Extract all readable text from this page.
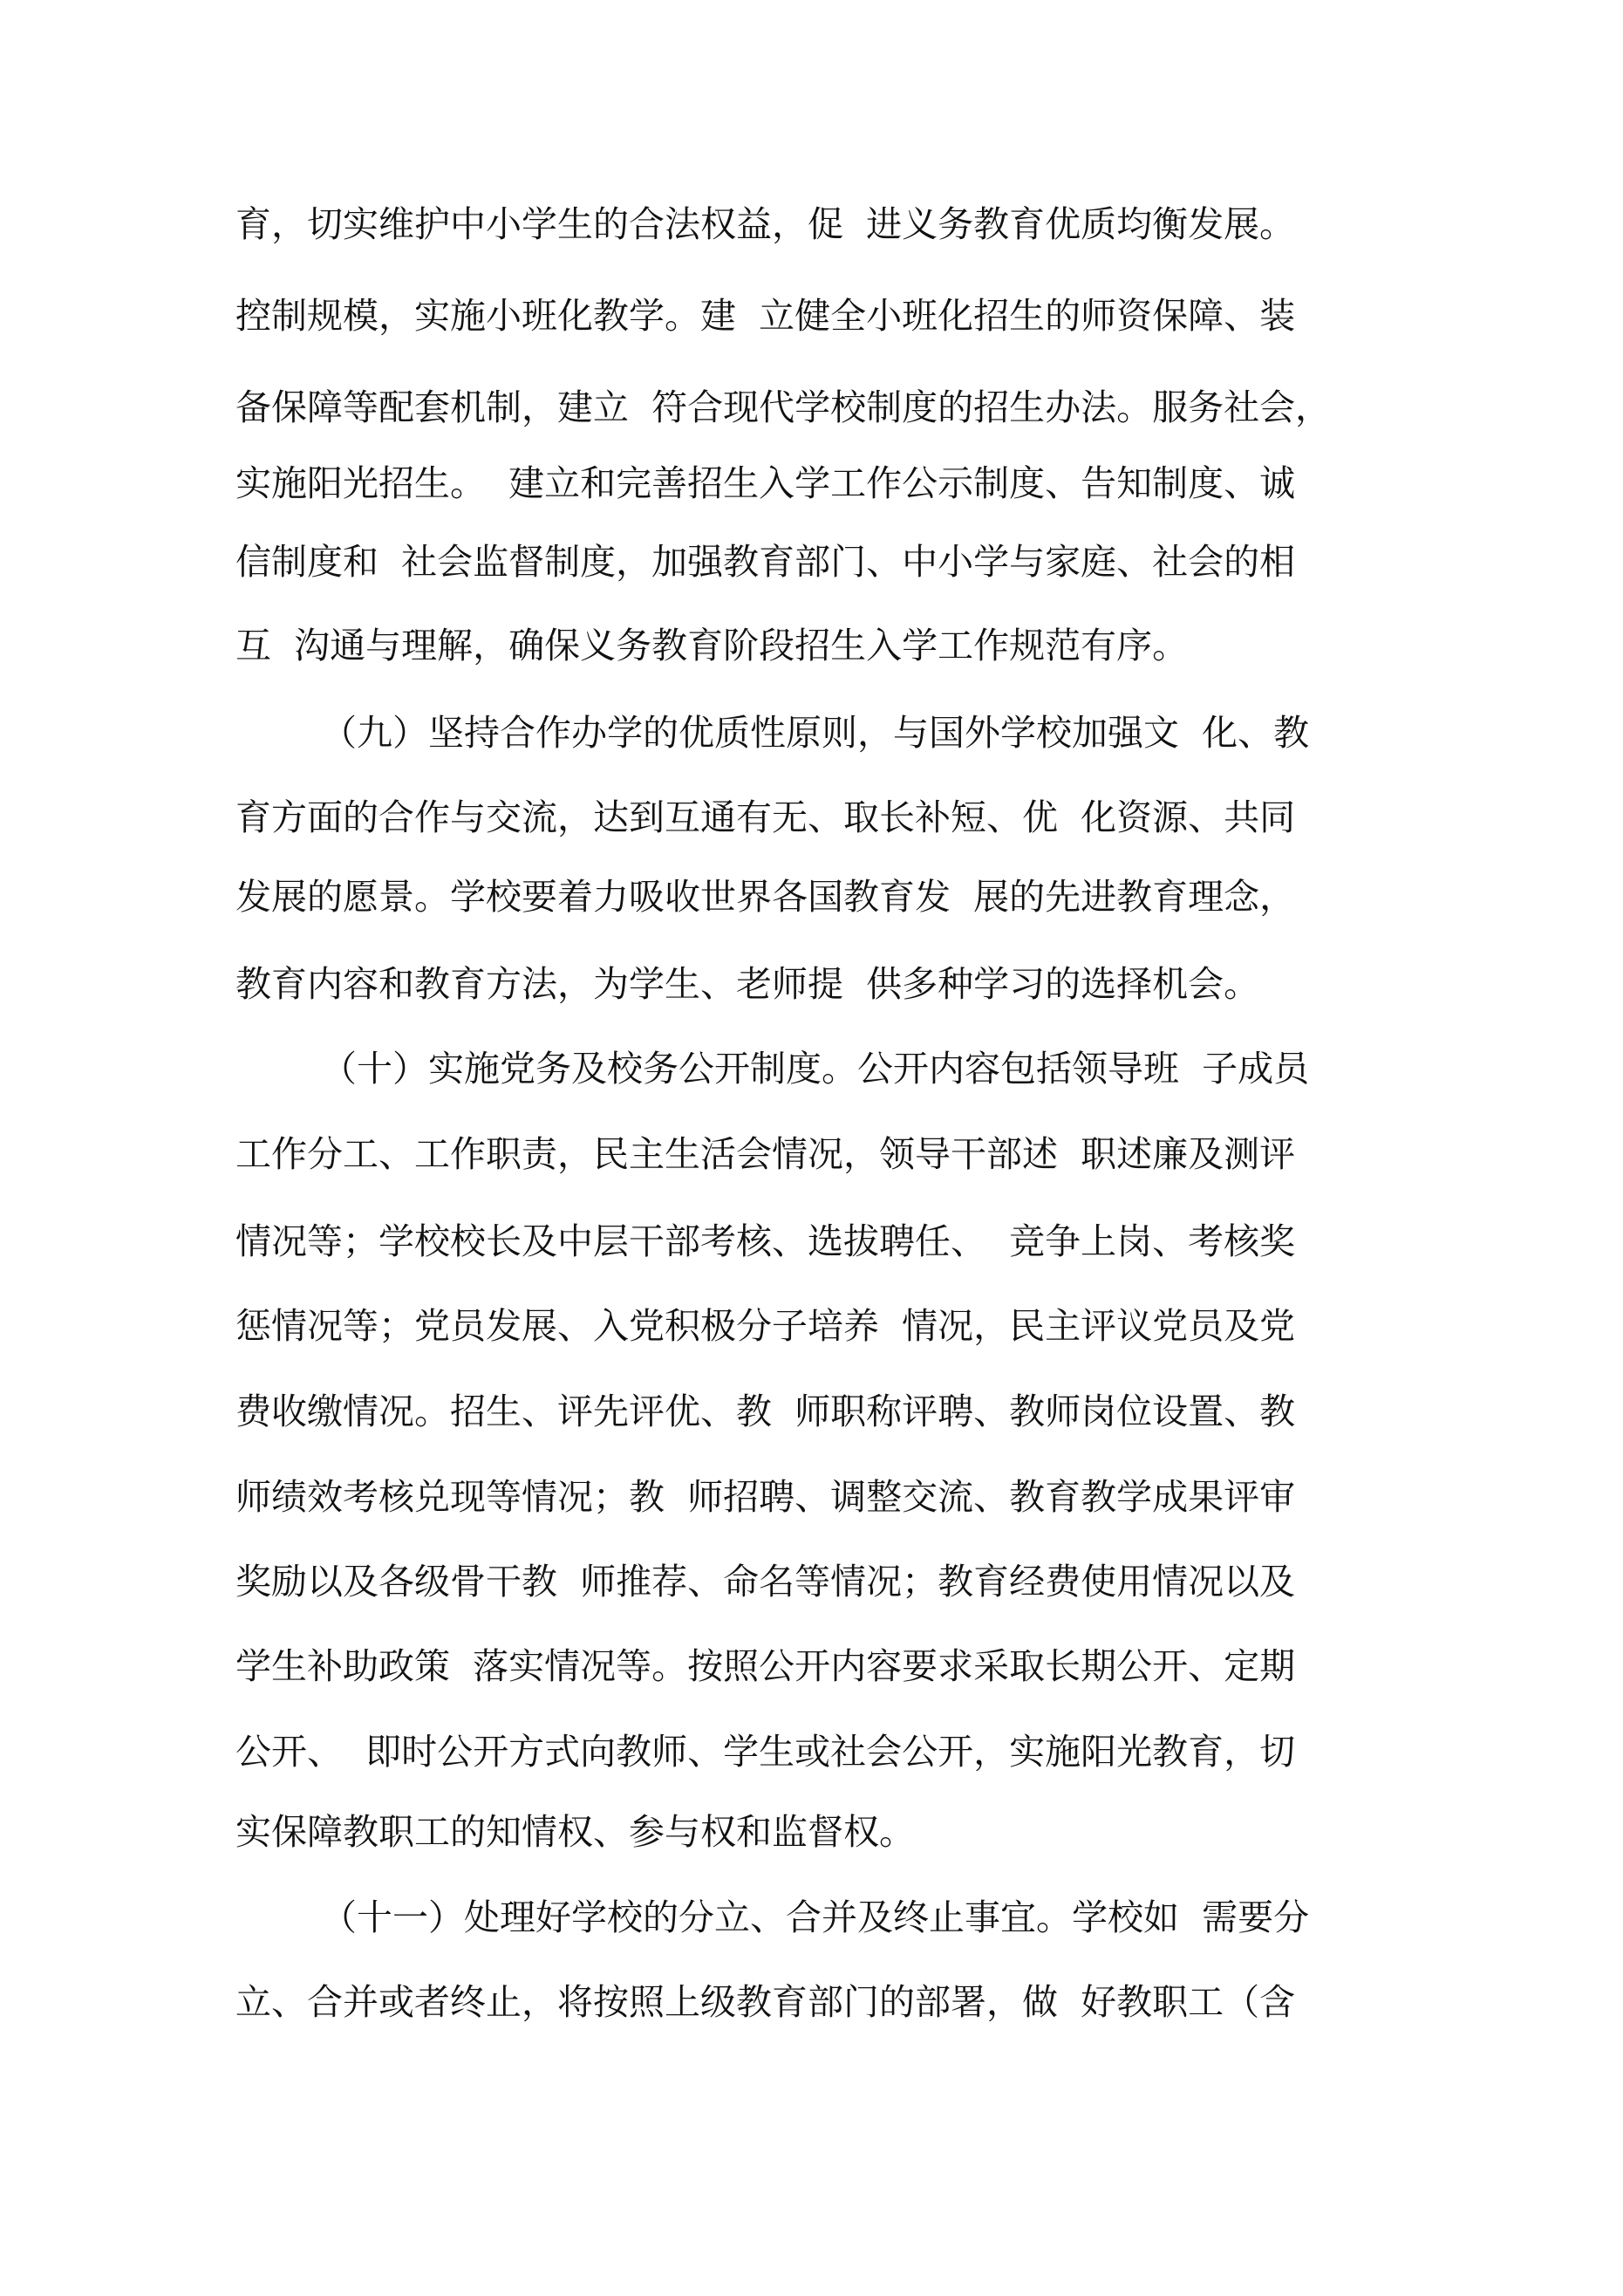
育，切实维护中小学生的合法权益，促  进义务教育优质均衡发展。
控制规模，实施小班化教学。建  立健全小班化招生的师资保障、装
备保障等配套机制，建立  符合现代学校制度的招生办法。服务社会，
实施阳光招生。  建立和完善招生入学工作公示制度、告知制度、诚
信制度和  社会监督制度，加强教育部门、中小学与家庭、社会的相
互  沟通与理解，确保义务教育阶段招生入学工作规范有序。
（九）坚持合作办学的优质性原则，与国外学校加强文  化、教
育方面的合作与交流，达到互通有无、取长补短、优  化资源、共同
发展的愿景。学校要着力吸收世界各国教育发  展的先进教育理念，
教育内容和教育方法，为学生、老师提  供多种学习的选择机会。
（十）实施党务及校务公开制度。公开内容包括领导班  子成员
工作分工、工作职责，民主生活会情况，领导干部述  职述廉及测评
情况等；学校校长及中层干部考核、选拔聘任、  竞争上岗、考核奖
惩情况等；党员发展、入党积极分子培养  情况，民主评议党员及党
费收缴情况。招生、评先评优、教  师职称评聘、教师岗位设置、教
师绩效考核兑现等情况；教  师招聘、调整交流、教育教学成果评审
奖励以及各级骨干教  师推荐、命名等情况；教育经费使用情况以及
学生补助政策  落实情况等。按照公开内容要求采取长期公开、定期
公开、  即时公开方式向教师、学生或社会公开，实施阳光教育，切
实保障教职工的知情权、参与权和监督权。
（十一）处理好学校的分立、合并及终止事宜。学校如  需要分
立、合并或者终止，将按照上级教育部门的部署，做  好教职工（含
